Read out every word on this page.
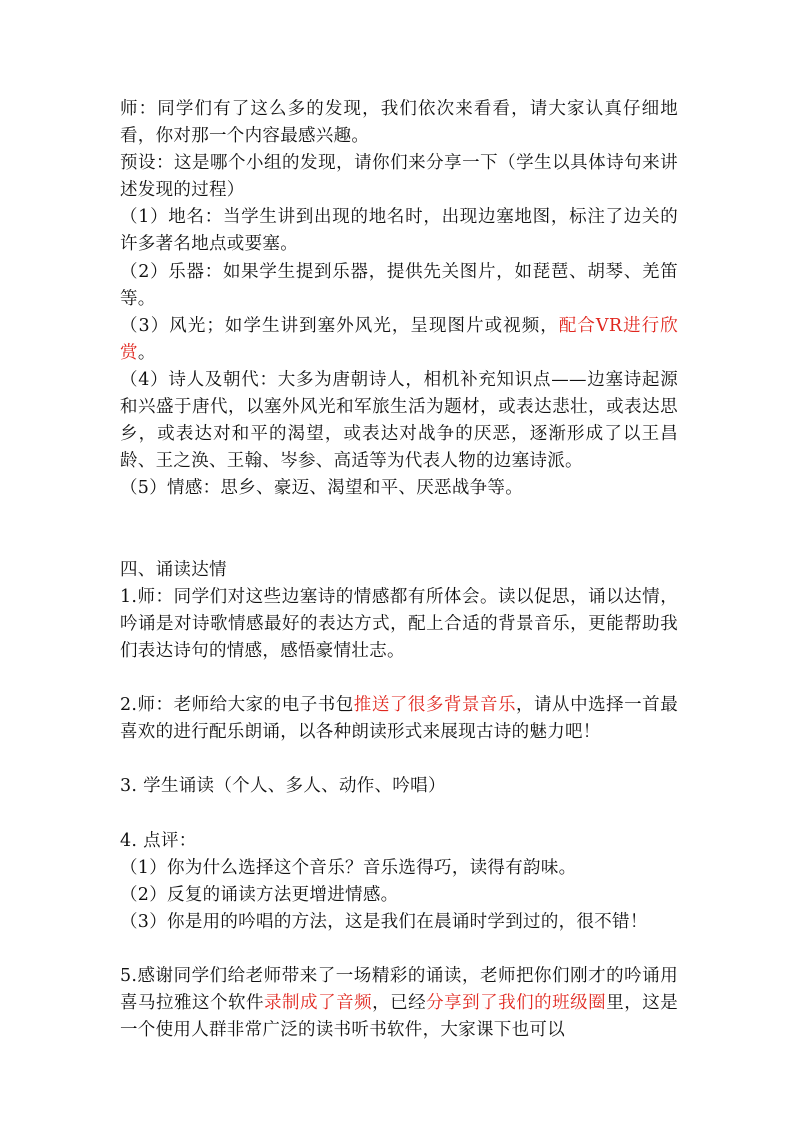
师：同学们有了这么多的发现，我们依次来看看，请大家认真仔细地看，你对那一个内容最感兴趣。

预设：这是哪个小组的发现，请你们来分享一下（学生以具体诗句来讲述发现的过程）

（1）地名：当学生讲到出现的地名时，出现边塞地图，标注了边关的许多著名地点或要塞。

（2）乐器：如果学生提到乐器，提供先关图片，如琵琶、胡琴、羌笛等。

（3）风光；如学生讲到塞外风光，呈现图片或视频，配合VR进行欣赏。

（4）诗人及朝代：大多为唐朝诗人，相机补充知识点——边塞诗起源和兴盛于唐代，以塞外风光和军旅生活为题材，或表达悲壮，或表达思乡，或表达对和平的渴望，或表达对战争的厌恶，逐渐形成了以王昌龄、王之涣、王翰、岑参、高适等为代表人物的边塞诗派。

（5）情感：思乡、豪迈、渴望和平、厌恶战争等。

四、诵读达情

1.师：同学们对这些边塞诗的情感都有所体会。读以促思，诵以达情，吟诵是对诗歌情感最好的表达方式，配上合适的背景音乐，更能帮助我们表达诗句的情感，感悟豪情壮志。

2.师：老师给大家的电子书包推送了很多背景音乐，请从中选择一首最喜欢的进行配乐朗诵，以各种朗读形式来展现古诗的魅力吧！

3. 学生诵读（个人、多人、动作、吟唱）

4. 点评：

（1）你为什么选择这个音乐？音乐选得巧，读得有韵味。

（2）反复的诵读方法更增进情感。

（3）你是用的吟唱的方法，这是我们在晨诵时学到过的，很不错！

5.感谢同学们给老师带来了一场精彩的诵读，老师把你们刚才的吟诵用喜马拉雅这个软件录制成了音频，已经分享到了我们的班级圈里，这是一个使用人群非常广泛的读书听书软件，大家课下也可以
